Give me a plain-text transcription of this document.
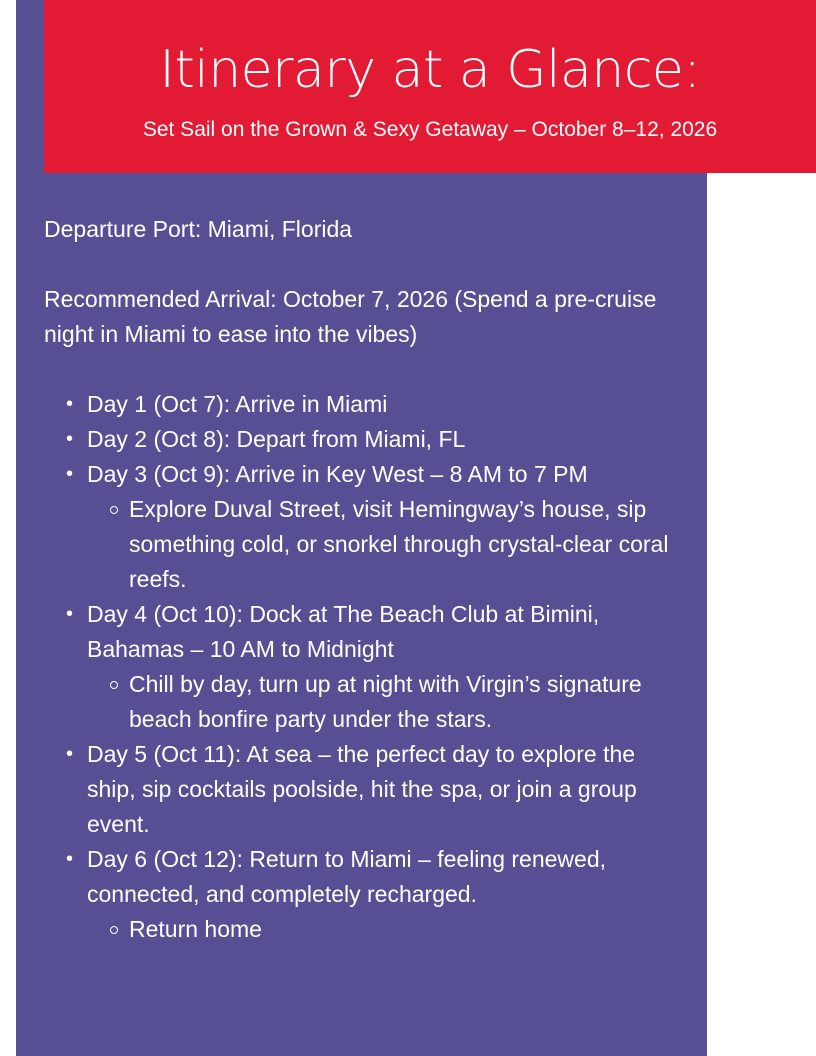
Itinerary at a Glance:

Set Sail on the Grown & Sexy Getaway – October 8–12, 2026

Departure Port: Miami, Florida

Recommended Arrival: October 7, 2026 (Spend a pre-cruise night in Miami to ease into the vibes)

• Day 1 (Oct 7): Arrive in Miami
• Day 2 (Oct 8): Depart from Miami, FL
• Day 3 (Oct 9): Arrive in Key West – 8 AM to 7 PM
Explore Duval Street, visit Hemingway’s house, sip something cold, or snorkel through crystal-clear coral reefs.
• Day 4 (Oct 10): Dock at The Beach Club at Bimini, Bahamas – 10 AM to Midnight
Chill by day, turn up at night with Virgin’s signature beach bonfire party under the stars.
• Day 5 (Oct 11): At sea – the perfect day to explore the ship, sip cocktails poolside, hit the spa, or join a group event.
• Day 6 (Oct 12): Return to Miami – feeling renewed, connected, and completely recharged.
Return home
